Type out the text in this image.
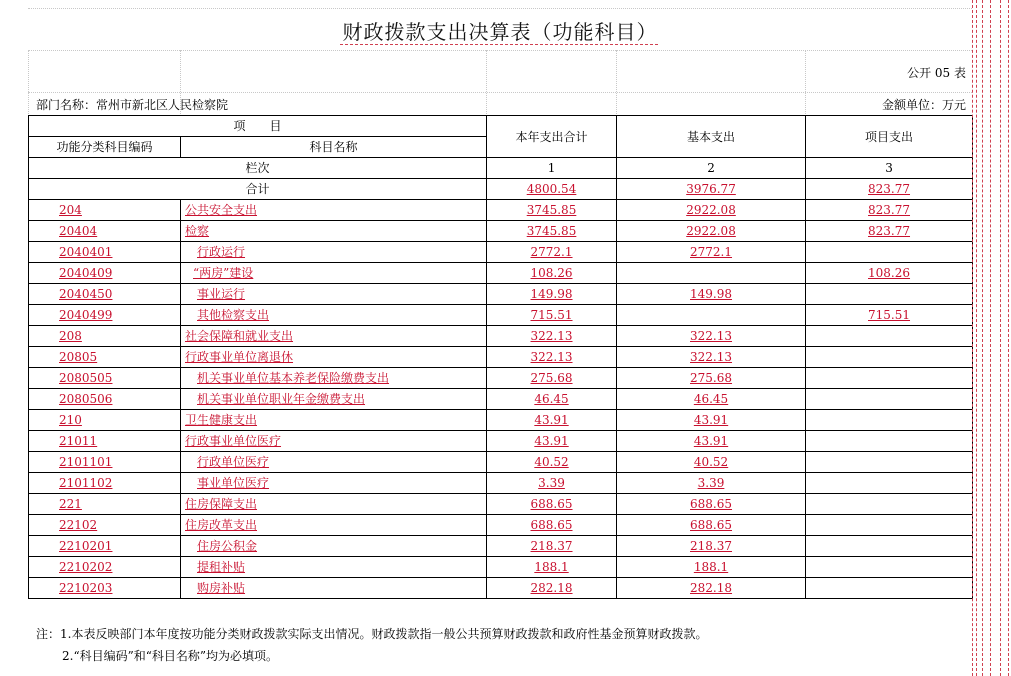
财政拨款支出决算表（功能科目）
公开 05 表
部门名称：常州市新北区人民检察院	金额单位：万元
项　　目		本年支出合计	基本支出	项目支出
功能分类科目编码	科目名称			
栏次		1	2	3
合计		4800.54	3976.77	823.77
204	公共安全支出	3745.85	2922.08	823.77
20404	检察	3745.85	2922.08	823.77
2040401	行政运行	2772.1	2772.1	
2040409	“两房”建设	108.26		108.26
2040450	事业运行	149.98	149.98	
2040499	其他检察支出	715.51		715.51
208	社会保障和就业支出	322.13	322.13	
20805	行政事业单位离退休	322.13	322.13	
2080505	机关事业单位基本养老保险缴费支出	275.68	275.68	
2080506	机关事业单位职业年金缴费支出	46.45	46.45	
210	卫生健康支出	43.91	43.91	
21011	行政事业单位医疗	43.91	43.91	
2101101	行政单位医疗	40.52	40.52	
2101102	事业单位医疗	3.39	3.39	
221	住房保障支出	688.65	688.65	
22102	住房改革支出	688.65	688.65	
2210201	住房公积金	218.37	218.37	
2210202	提租补贴	188.1	188.1	
2210203	购房补贴	282.18	282.18	
注：1.本表反映部门本年度按功能分类财政拨款实际支出情况。财政拨款指一般公共预算财政拨款和政府性基金预算财政拨款。
2.“科目编码”和“科目名称”均为必填项。
